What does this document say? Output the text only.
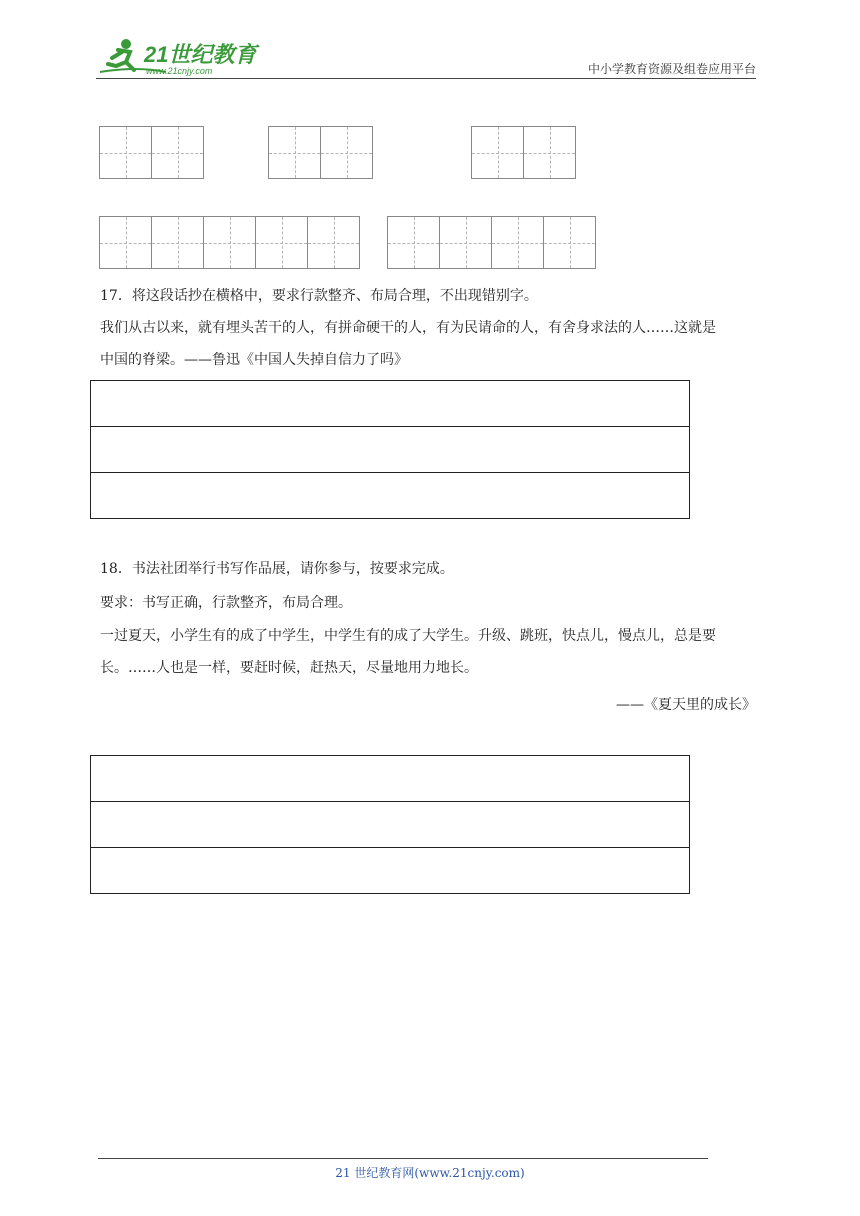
21世纪教育
www.21cnjy.com	中小学教育资源及组卷应用平台
17．将这段话抄在横格中，要求行款整齐、布局合理，不出现错别字。
我们从古以来，就有埋头苦干的人，有拼命硬干的人，有为民请命的人，有舍身求法的人……这就是
中国的脊梁。——鲁迅《中国人失掉自信力了吗》
18．书法社团举行书写作品展，请你参与，按要求完成。
要求：书写正确，行款整齐，布局合理。
一过夏天，小学生有的成了中学生，中学生有的成了大学生。升级、跳班，快点儿，慢点儿，总是要
长。……人也是一样，要赶时候，赶热天，尽量地用力地长。
——《夏天里的成长》
21 世纪教育网(www.21cnjy.com)
